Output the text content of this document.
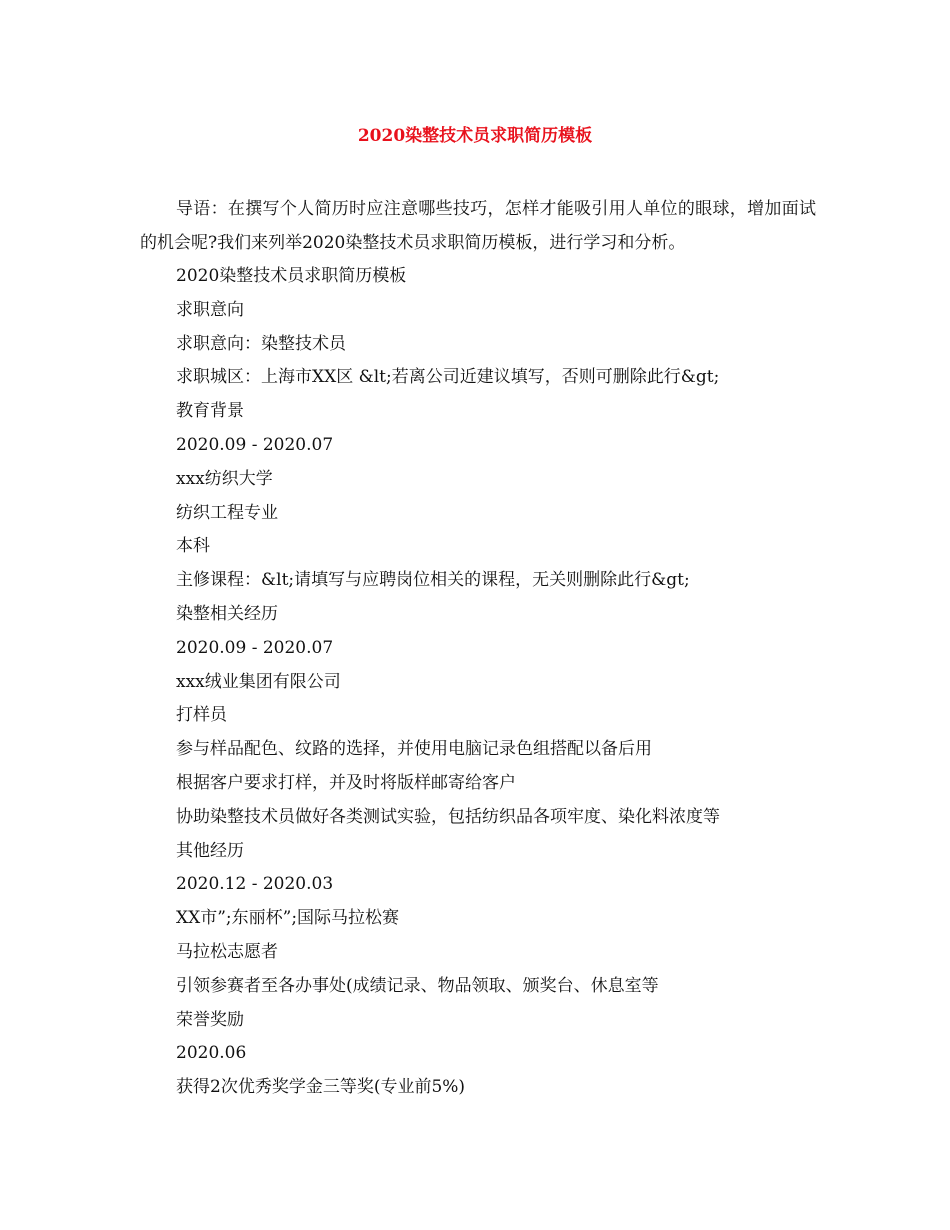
2020染整技术员求职简历模板

导语：在撰写个人简历时应注意哪些技巧，怎样才能吸引用人单位的眼球，增加面试的机会呢?我们来列举2020染整技术员求职简历模板，进行学习和分析。

2020染整技术员求职简历模板
求职意向
求职意向：染整技术员
求职城区：上海市XX区 &lt;若离公司近建议填写，否则可删除此行&gt;
教育背景
2020.09 - 2020.07
xxx纺织大学
纺织工程专业
本科
主修课程：&lt;请填写与应聘岗位相关的课程，无关则删除此行&gt;
染整相关经历
2020.09 - 2020.07
xxx绒业集团有限公司
打样员
参与样品配色、纹路的选择，并使用电脑记录色组搭配以备后用
根据客户要求打样，并及时将版样邮寄给客户
协助染整技术员做好各类测试实验，包括纺织品各项牢度、染化料浓度等
其他经历
2020.12 - 2020.03
XX市”;东丽杯”;国际马拉松赛
马拉松志愿者
引领参赛者至各办事处(成绩记录、物品领取、颁奖台、休息室等
荣誉奖励
2020.06
获得2次优秀奖学金三等奖(专业前5%)
